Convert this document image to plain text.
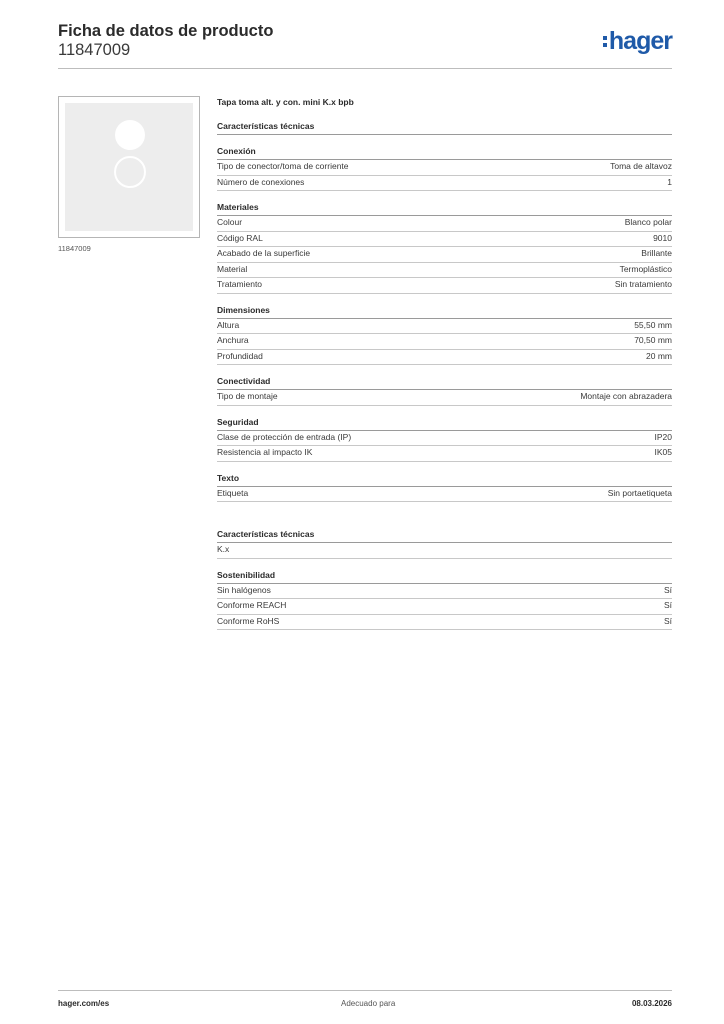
Ficha de datos de producto
11847009	hager
11847009
Tapa toma alt. y con. mini K.x bpb
Características técnicas
Conexión
Tipo de conector/toma de corriente	Toma de altavoz
Número de conexiones	1
Materiales
Colour	Blanco polar
Código RAL	9010
Acabado de la superficie	Brillante
Material	Termoplástico
Tratamiento	Sin tratamiento
Dimensiones
Altura	55,50 mm
Anchura	70,50 mm
Profundidad	20 mm
Conectividad
Tipo de montaje	Montaje con abrazadera
Seguridad
Clase de protección de entrada (IP)	IP20
Resistencia al impacto IK	IK05
Texto
Etiqueta	Sin portaetiqueta
Características técnicas
K.x
Sostenibilidad
Sin halógenos	Sí
Conforme REACH	Sí
Conforme RoHS	Sí
hager.com/es	Adecuado para	08.03.2026
